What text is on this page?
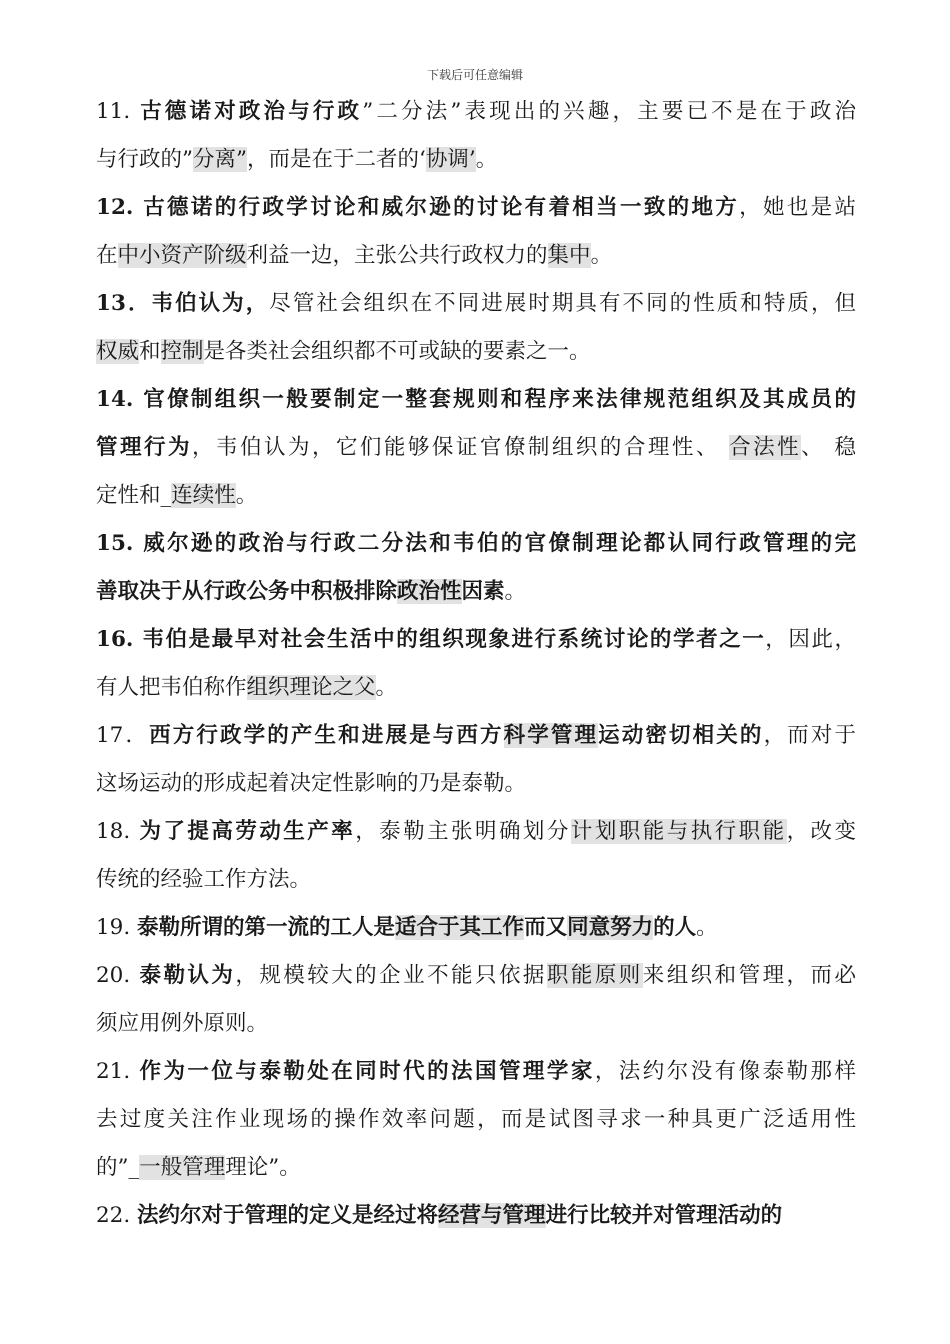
下载后可任意编辑
11. 古德诺对政治与行政”二分法”表现出的兴趣，主要已不是在于政治
与行政的”分离”，而是在于二者的‘协调’。
12. 古德诺的行政学讨论和威尔逊的讨论有着相当一致的地方，她也是站
在中小资产阶级利益一边，主张公共行政权力的集中。
13．韦伯认为，尽管社会组织在不同进展时期具有不同的性质和特质，但
权威和控制是各类社会组织都不可或缺的要素之一。
14. 官僚制组织一般要制定一整套规则和程序来法律规范组织及其成员的
管理行为，韦伯认为，它们能够保证官僚制组织的合理性、 合法性、 稳
定性和_连续性。
15. 威尔逊的政治与行政二分法和韦伯的官僚制理论都认同行政管理的完
善取决于从行政公务中积极排除政治性因素。
16. 韦伯是最早对社会生活中的组织现象进行系统讨论的学者之一，因此，
有人把韦伯称作组织理论之父。
17．西方行政学的产生和进展是与西方科学管理运动密切相关的，而对于
这场运动的形成起着决定性影响的乃是泰勒。
18. 为了提高劳动生产率，泰勒主张明确划分计划职能与执行职能，改变
传统的经验工作方法。
19. 泰勒所谓的第一流的工人是适合于其工作而又同意努力的人。
20. 泰勒认为，规模较大的企业不能只依据职能原则来组织和管理，而必
须应用例外原则。
21. 作为一位与泰勒处在同时代的法国管理学家，法约尔没有像泰勒那样
去过度关注作业现场的操作效率问题，而是试图寻求一种具更广泛适用性
的”_一般管理理论”。
22. 法约尔对于管理的定义是经过将经营与管理进行比较并对管理活动的
